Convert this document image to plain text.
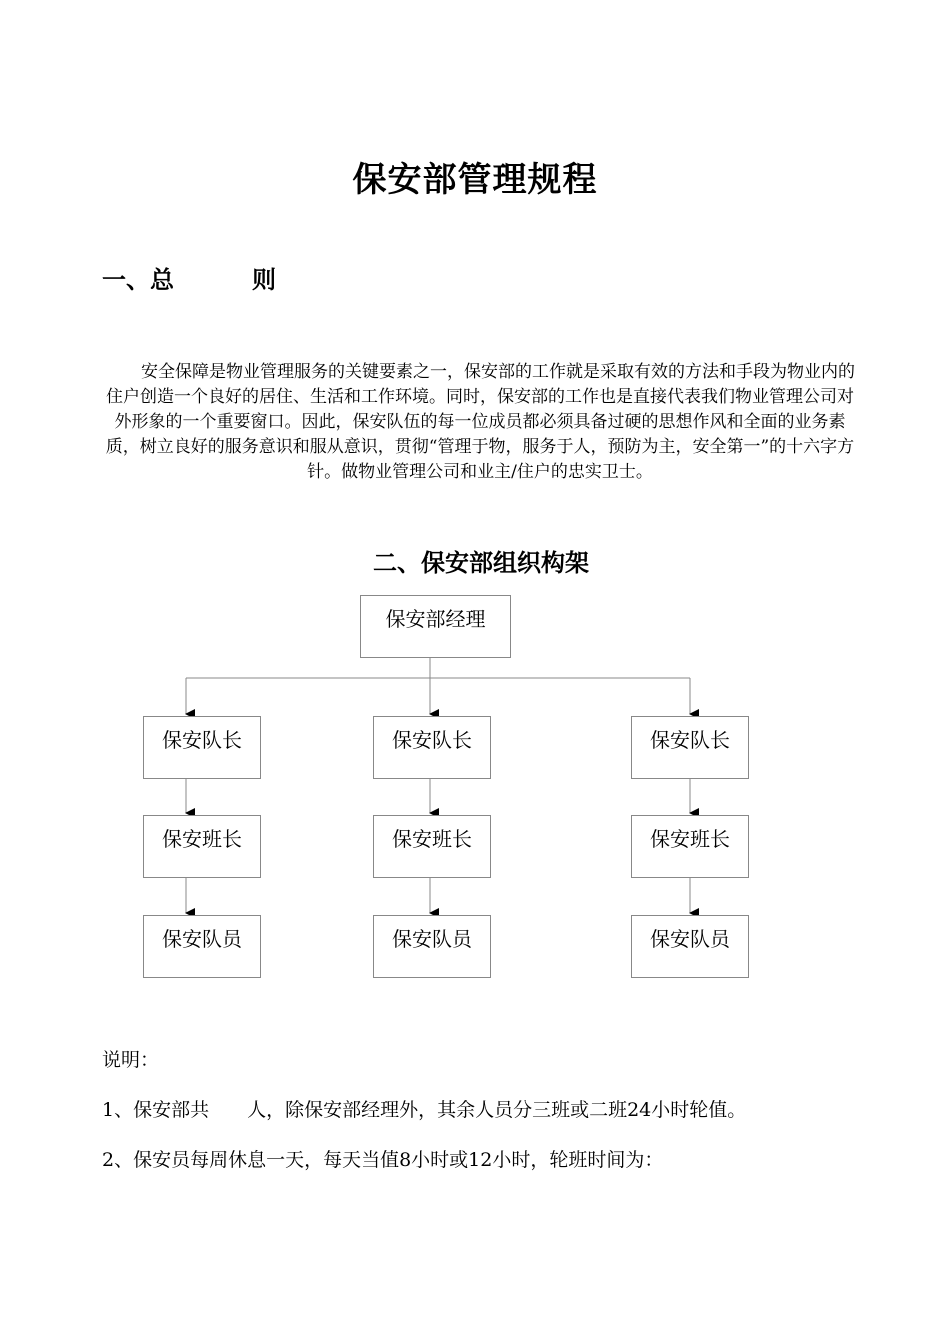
保安部管理规程
一、总	则
安全保障是物业管理服务的关键要素之一，保安部的工作就是采取有效的方法和手段为物业内的住户创造一个良好的居住、生活和工作环境。同时，保安部的工作也是直接代表我们物业管理公司对外形象的一个重要窗口。因此，保安队伍的每一位成员都必须具备过硬的思想作风和全面的业务素质，树立良好的服务意识和服从意识，贯彻“管理于物，服务于人，预防为主，安全第一”的十六字方针。做物业管理公司和业主/住户的忠实卫士。
二、保安部组织构架
保安部经理
保安队长	保安队长	保安队长
保安班长	保安班长	保安班长
保安队员	保安队员	保安队员
说明：
1、保安部共　　人，除保安部经理外，其余人员分三班或二班24小时轮值。
2、保安员每周休息一天，每天当值8小时或12小时，轮班时间为：
